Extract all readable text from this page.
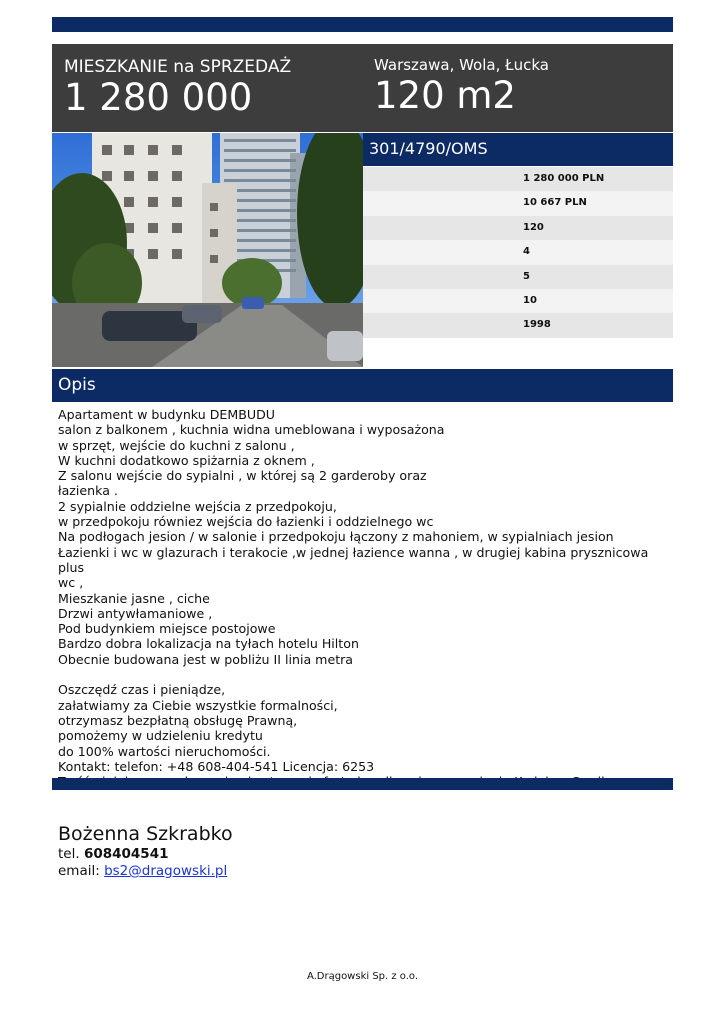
MIESZKANIE na SPRZEDAŻ
1 280 000
Warszawa, Wola, Łucka
120 m2
301/4790/OMS
1 280 000 PLN
10 667 PLN
120
4
5
10
1998
Opis
Apartament w budynku DEMBUDU
salon z balkonem , kuchnia widna umeblowana i wyposażona
w sprzęt, wejście do kuchni z salonu ,
W kuchni dodatkowo spiżarnia z oknem ,
Z salonu wejście do sypialni , w której są 2 garderoby oraz
łazienka .
2 sypialnie oddzielne wejścia z przedpokoju,
w przedpokoju równiez wejścia do łazienki i oddzielnego wc
Na podłogach jesion / w salonie i przedpokoju łączony z mahoniem, w sypialniach jesion
Łazienki i wc w glazurach i terakocie ,w jednej łazience wanna , w drugiej kabina prysznicowa plus
wc ,
Mieszkanie jasne , ciche
Drzwi antywłamaniowe ,
Pod budynkiem miejsce postojowe
Bardzo dobra lokalizacja na tyłach hotelu Hilton
Obecnie budowana jest w pobliżu II linia metra

Oszczędź czas i pieniądze,
załatwiamy za Ciebie wszystkie formalności,
otrzymasz bezpłatną obsługę Prawną,
pomożemy w udzieleniu kredytu
do 100% wartości nieruchomości.
Kontakt: telefon: +48 608-404-541 Licencja: 6253

Bożenna Szkrabko
tel. 608404541
email: bs2@dragowski.pl
A.Drągowski Sp. z o.o.
